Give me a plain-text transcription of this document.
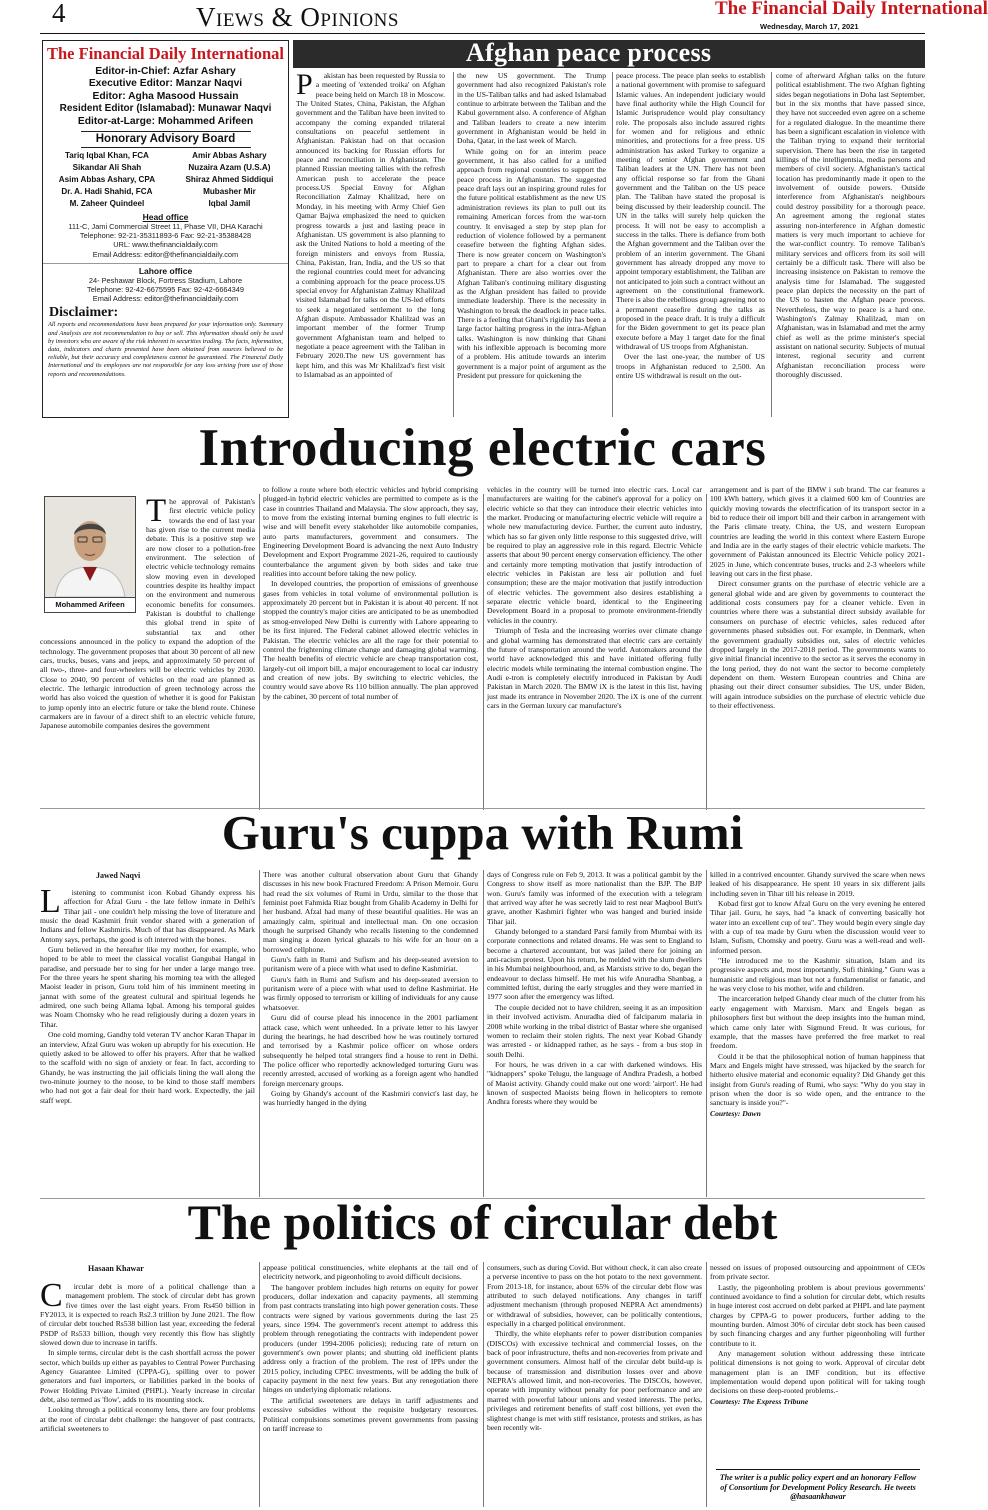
4	Views & Opinions	The Financial Daily International
Wednesday, March 17, 2021
The Financial Daily International
Editor-in-Chief: Azfar Ashary
Executive Editor: Manzar Naqvi
Editor: Agha Masood Hussain
Resident Editor (Islamabad): Munawar Naqvi
Editor-at-Large: Mohammed Arifeen
Honorary Advisory Board
Tariq Iqbal Khan, FCA	Amir Abbas Ashary
Sikandar Ali Shah	Nuzaira Azam (U.S.A)
Asim Abbas Ashary, CPA	Shiraz Ahmed Siddiqui
Dr. A. Hadi Shahid, FCA	Mubasher Mir
M. Zaheer Quindeel	Iqbal Jamil
Head office
111-C, Jami Commercial Street 11, Phase VII, DHA Karachi
Telephone: 92-21-35311893-6 Fax: 92-21-35388428
URL: www.thefinancialdaily.com
Email Address: editor@thefinancialdaily.com
Lahore office
24- Peshawar Block, Fortress Stadium, Lahore
Telephone: 92-42-6675595 Fax: 92-42-6664349
Email Address: editor@thefinancialdaily.com
Disclaimer:
All reports and recommendations have been prepared for your information only. Summary and Analysis are not recommendation to buy or sell. This information should only be used by investors who are aware of the risk inherent in securities trading. The facts, information, data, indicators and charts presented have been obtained from sources believed to be reliable, but their accuracy and completeness cannot be guaranteed. The Financial Daily International and its employees are not responsible for any loss arising from use of those reports and recommendations.
Afghan peace process
P	akistan has been requested by Russia to a meeting of 'extended troika' on Afghan peace being held on March 18 in Moscow. The United States, China, Pakistan, the Afghan government and the Taliban have been invited to accompany the coming expanded trilateral consultations on peaceful settlement in Afghanistan. Pakistan had on that occasion announced its backing for Russian efforts for peace and reconciliation in Afghanistan. The planned Russian meeting tallies with the refresh American push to accelerate the peace process.US Special Envoy for Afghan Reconciliation Zalmay Khalilzad, here on Monday, in his meeting with Army Chief Gen Qamar Bajwa emphasized the need to quicken progress towards a just and lasting peace in Afghanistan. US government is also planning to ask the United Nations to hold a meeting of the foreign ministers and envoys from Russia, China, Pakistan, Iran, India, and the US so that the regional countries could meet for advancing a combining approach for the peace process.US special envoy for Afghanistan Zalmay Khalilzad visited Islamabad for talks on the US-led efforts to seek a negotiated settlement to the long Afghan dispute. Ambassador Khalilzad was an important member of the former Trump government Afghanistan team and helped to negotiate a peace agreement with the Taliban in February 2020.The new US government has kept him, and this was Mr Khalilzad's first visit to Islamabad as an appointed of

the new US government. The Trump government had also recognized Pakistan's role in the US-Taliban talks and had asked Islamabad continue to arbitrate between the Taliban and the Kabul government also. A conference of Afghan and Taliban leaders to create a new interim government in Afghanistan would be held in Doha, Qatar, in the last week of March.

While going on for an interim peace government, it has also called for a unified approach from regional countries to support the peace process in Afghanistan. The suggested peace draft lays out an inspiring ground rules for the future political establishment as the new US administration reviews its plan to pull out its remaining American forces from the war-torn country. It envisaged a step by step plan for reduction of violence followed by a permanent ceasefire between the fighting Afghan sides. There is now greater concern on Washington's part to prepare a chart for a clear out from Afghanistan. There are also worries over the Afghan Taliban's continuing military disgusting as the Afghan president has failed to provide immediate leadership. There is the necessity in Washington to break the deadlock in peace talks. There is a feeling that Ghani's rigidity has been a large factor halting progress in the intra-Afghan talks. Washington is now thinking that Ghani with his inflexible approach is becoming more of a problem. His attitude towards an interim government is a major point of argument as the President put pressure for quickening the

peace process. The peace plan seeks to establish a national government with promise to safeguard Islamic values. An independent judiciary would have final authority while the High Council for Islamic Jurisprudence would play consultancy role. The proposals also include assured rights for women and for religious and ethnic minorities, and protections for a free press. US administration has asked Turkey to organize a meeting of senior Afghan government and Taliban leaders at the UN. There has not been any official response so far from the Ghani government and the Taliban on the US peace plan. The Taliban have stated the proposal is being discussed by their leadership council. The UN in the talks will surely help quicken the process. It will not be easy to accomplish a success in the talks. There is defiance from both the Afghan government and the Taliban over the problem of an interim government. The Ghani government has already dropped any move to appoint temporary establishment, the Taliban are not anticipated to join such a contract without an agreement on the constitutional framework. There is also the rebellious group agreeing not to a permanent ceasefire during the talks as proposed in the peace draft. It is truly a difficult for the Biden government to get its peace plan execute before a May 1 target date for the final withdrawal of US troops from Afghanistan.

Over the last one-year, the number of US troops in Afghanistan reduced to 2,500. An entire US withdrawal is result on the out-

come of afterward Afghan talks on the future political establishment. The two Afghan fighting sides began negotiations in Doha last September, but in the six months that have passed since, they have not succeeded even agree on a scheme for a regulated dialogue. In the meantime there has been a significant escalation in violence with the Taliban trying to expand their territorial supervision. There has been the rise in targeted killings of the intelligentsia, media persons and members of civil society. Afghanistan's tactical location has predominantly made it open to the involvement of outside powers. Outside interference from Afghanistan's neighbours could destroy possibility for a thorough peace. An agreement among the regional states assuring non-interference in Afghan domestic matters is very much important to achieve for the war-conflict country. To remove Taliban's military services and officers from its soil will certainly be a difficult task. There will also be increasing insistence on Pakistan to remove the analysis time for Islamabad. The suggested peace plan depicts the necessity on the part of the US to hasten the Afghan peace process. Nevertheless, the way to peace is a hard one. Washington's Zalmay Khalilzad, man on Afghanistan, was in Islamabad and met the army chief as well as the prime minister's special assistant on national security. Subjects of mutual interest, regional security and current Afghanistan reconciliation process were thoroughly discussed.

Introducing electric cars
Mohammed Arifeen
The approval of Pakistan's first electric vehicle policy towards the end of last year has given rise to the current media debate. This is a positive step we are now closer to a pollution-free environment. The selection of electric vehicle technology remains slow moving even in developed countries despite its healthy impact on the environment and numerous economic benefits for consumers. Pakistan is doubtful to challenge this global trend in spite of substantial tax and other concessions announced in the policy to expand the adoption of the technology. The government proposes that about 30 percent of all new cars, trucks, buses, vans and jeeps, and approximately 50 percent of all two-, three- and four-wheelers will be electric vehicles by 2030. Close to 2040, 90 percent of vehicles on the road are planned as electric. The lethargic introduction of green technology across the world has also voiced the question of whether it is good for Pakistan to jump openly into an electric future or take the blend route. Chinese carmakers are in favour of a direct shift to an electric vehicle future, Japanese automobile companies desires the government

to follow a route where both electric vehicles and hybrid comprising plugged-in hybrid electric vehicles are permitted to compete as is the case in countries Thailand and Malaysia. The slow approach, they say, to move from the existing internal burning engines to full electric is wise and will benefit every stakeholder like automobile companies, auto parts manufacturers, government and consumers. The Engineering Development Board is advancing the next Auto Industry Development and Export Programme 2021-26, required to cautiously counterbalance the argument given by both sides and take true realities into account before taking the new policy.

In developed countries, the proportion of emissions of greenhouse gases from vehicles in total volume of environmental pollution is approximately 20 percent but in Pakistan it is about 40 percent. If not stopped the country's major cities are anticipated to be as unembodied as smog-enveloped New Delhi is currently with Lahore appearing to be its first injured. The Federal cabinet allowed electric vehicles in Pakistan. The electric vehicles are all the rage for their potential to control the frightening climate change and damaging global warming. The health benefits of electric vehicle are cheap transportation cost, largely-cut oil import bill, a major encouragement to local car industry and creation of new jobs. By switching to electric vehicles, the country would save above Rs 110 billion annually. The plan approved by the cabinet, 30 percent of total number of

vehicles in the country will be turned into electric cars. Local car manufacturers are waiting for the cabinet's approval for a policy on electric vehicle so that they can introduce their electric vehicles into the market. Producing or manufacturing electric vehicle will require a whole new manufacturing device. Further, the current auto industry, which has so far given only little response to this suggested drive, will be required to play an aggressive role in this regard. Electric Vehicle asserts that about 90 percent energy conservation efficiency. The other and certainly more tempting motivation that justify introduction of electric vehicles in Pakistan are less air pollution and fuel consumption; these are the major motivation that justify introduction of electric vehicles. The government also desires establishing a separate electric vehicle board, identical to the Engineering Development Board in a proposal to promote environment-friendly vehicles in the country.

Triumph of Tesla and the increasing worries over climate change and global warming has demonstrated that electric cars are certainly the future of transportation around the world. Automakers around the world have acknowledged this and have initiated offering fully electric models while terminating the internal combustion engine. The Audi e-tron is completely electrify introduced in Pakistan by Audi Pakistan in March 2020. The BMW iX is the latest in this list, having just made its entrance in November 2020. The iX is one of the current cars in the German luxury car manufacture's

arrangement and is part of the BMW i sub brand. The car features a 100 kWh battery, which gives it a claimed 600 km of Countries are quickly moving towards the electrification of its transport sector in a bid to reduce their oil import bill and their carbon in arrangement with the Paris climate treaty. China, the US, and western European countries are leading the world in this context where Eastern Europe and India are in the early stages of their electric vehicle markets. The government of Pakistan announced its Electric Vehicle policy 2021-2025 in June, which concentrate buses, trucks and 2-3 wheelers while leaving out cars in the first phase.

Direct consumer grants on the purchase of electric vehicle are a general global wide and are given by governments to counteract the additional costs consumers pay for a cleaner vehicle. Even in countries where there was a substantial direct subsidy available for consumers on purchase of electric vehicles, sales reduced after governments phased subsidies out. For example, in Denmark, when the government gradually subsidies out, sales of electric vehicles dropped largely in the 2017-2018 period. The governments wants to give initial financial incentive to the sector as it serves the economy in the long period, they do not want the sector to become completely dependent on them. Western European countries and China are phasing out their direct consumer subsidies. The US, under Biden, will again introduce subsidies on the purchase of electric vehicle due to their effectiveness.

Guru's cuppa with Rumi
Jawed Naqvi
L	istening to communist icon Kobad Ghandy express his affection for Afzal Guru - the late fellow inmate in Delhi's Tihar jail - one couldn't help missing the love of literature and music the dead Kashmiri fruit vendor shared with a generation of Indians and fellow Kashmiris. Much of that has disappeared. As Mark Antony says, perhaps, the good is oft interred with the bones.

Guru believed in the hereafter like my mother, for example, who hoped to be able to meet the classical vocalist Gangubai Hangal in paradise, and persuade her to sing for her under a large mango tree. For the three years he spent sharing his morning tea with the alleged Maoist leader in prison, Guru told him of his imminent meeting in jannat with some of the greatest cultural and spiritual legends he admired, one such being Allama Iqbal. Among his temporal guides was Noam Chomsky who he read religiously during a dozen years in Tihar.

One cold morning, Gandhy told veteran TV anchor Karan Thapar in an interview, Afzal Guru was woken up abruptly for his execution. He quietly asked to be allowed to offer his prayers. After that he walked to the scaffold with no sign of anxiety or fear. In fact, according to Ghandy, he was instructing the jail officials lining the wall along the two-minute journey to the noose, to be kind to those staff members who had not got a fair deal for their hard work. Expectedly, the jail staff wept.

There was another cultural observation about Guru that Ghandy discusses in his new book Fractured Freedom: A Prison Memoir. Guru had read the six volumes of Rumi in Urdu, similar to the those that feminist poet Fahmida Riaz bought from Ghalib Academy in Delhi for her husband. Afzal had many of these beautiful qualities. He was an amazingly calm, spiritual and intellectual man. On one occasion though he surprised Ghandy who recalls listening to the condemned man singing a dozen lyrical ghazals to his wife for an hour on a borrowed cellphone.

Guru's faith in Rumi and Sufism and his deep-seated aversion to puritanism were of a piece with what used to define Kashmiriat.

Guru's faith in Rumi and Sufism and his deep-seated aversion to puritanism were of a piece with what used to define Kashmiriat. He was firmly opposed to terrorism or killing of individuals for any cause whatsoever.

Guru did of course plead his innocence in the 2001 parliament attack case, which went unheeded. In a private letter to his lawyer during the hearings, he had described how he was routinely tortured and terrorised by a Kashmir police officer on whose orders subsequently he helped total strangers find a house to rent in Delhi. The police officer who reportedly acknowledged torturing Guru was recently arrested, accused of working as a foreign agent who handled foreign mercenary groups.

Going by Ghandy's account of the Kashmiri convict's last day, he was hurriedly hanged in the dying

days of Congress rule on Feb 9, 2013. It was a political gambit by the Congress to show itself as more nationalist than the BJP. The BJP won. Guru's family was informed of the execution with a telegram that arrived way after he was secretly laid to rest near Maqbool Butt's grave, another Kashmiri fighter who was hanged and buried inside Tihar jail.

Ghandy belonged to a standard Parsi family from Mumbai with its corporate connections and related dreams. He was sent to England to become a chartered accountant, but was jailed there for joining an anti-racism protest. Upon his return, he melded with the slum dwellers in his Mumbai neighbourhood, and, as Marxists strive to do, began the endeavour to declass himself. He met his wife Anuradha Shanbag, a committed leftist, during the early struggles and they were married in 1977 soon after the emergency was lifted.

The couple decided not to have children, seeing it as an imposition in their involved activism. Anuradha died of falciparum malaria in 2008 while working in the tribal district of Bastar where she organised women to reclaim their stolen rights. The next year Kobad Ghandy was arrested - or kidnapped rather, as he says - from a bus stop in south Delhi.

For hours, he was driven in a car with darkened windows. His "kidnappers" spoke Telugu, the language of Andhra Pradesh, a hotbed of Maoist activity. Ghandy could make out one word: 'airport'. He had known of suspected Maoists being flown in helicopters to remote Andhra forests where they would be

killed in a contrived encounter. Ghandy survived the scare when news leaked of his disappearance. He spent 10 years in six different jails including seven in Tihar till his release in 2019.

Kobad first got to know Afzal Guru on the very evening he entered Tihar jail. Guru, he says, had "a knack of converting basically hot water into an excellent cup of tea". They would begin every single day with a cup of tea made by Guru when the discussion would veer to Islam, Sufism, Chomsky and poetry. Guru was a well-read and well-informed person.

"He introduced me to the Kashmir situation, Islam and its progressive aspects and, most importantly, Sufi thinking." Guru was a humanistic and religious man but not a fundamentalist or fanatic, and he was very close to his mother, wife and children.

The incarceration helped Ghandy clear much of the clutter from his early engagement with Marxism. Marx and Engels began as philosophers first but without the deep insights into the human mind, which came only later with Sigmund Freud. It was curious, for example, that the masses have preferred the free market to real freedom.

Could it be that the philosophical notion of human happiness that Marx and Engels might have stressed, was hijacked by the search for hitherto elusive material and economic equality? Did Ghandy get this insight from Guru's reading of Rumi, who says: "Why do you stay in prison when the door is so wide open, and the entrance to the sanctuary is inside you?"-

Courtesy: Dawn

The politics of circular debt
Hasaan Khawar
C	ircular debt is more of a political challenge than a management problem. The stock of circular debt has grown five times over the last eight years. From Rs450 billion in FY2013, it is expected to reach Rs2.3 trillion by June 2021. The flow of circular debt touched Rs538 billion last year, exceeding the federal PSDP of Rs533 billion, though very recently this flow has slightly slowed down due to increase in tariffs.

In simple terms, circular debt is the cash shortfall across the power sector, which builds up either as payables to Central Power Purchasing Agency Guarantee Limited (CPPA-G), spilling over to power generators and fuel importers, or liabilities parked in the books of Power Holding Private Limited (PHPL). Yearly increase in circular debt, also termed as 'flow', adds to its mounting stock.

Looking through a political economy lens, there are four problems at the root of circular debt challenge: the hangover of past contracts, artificial sweeteners to

appease political constituencies, white elephants at the tail end of electricity network, and pigeonholing to avoid difficult decisions.

The hangover problem includes high returns on equity for power producers, dollar indexation and capacity payments, all stemming from past contracts translating into high power generation costs. These contracts were signed by various governments during the last 25 years, since 1994. The government's recent attempt to address this problem through renegotiating the contracts with independent power producers (under 1994-2006 policies); reducing rate of return on government's own power plants; and shutting old inefficient plants address only a fraction of the problem. The rest of IPPs under the 2015 policy, including CPEC investments, will be adding the bulk of capacity payment in the next few years. But any renegotiation there hinges on underlying diplomatic relations.

The artificial sweeteners are delays in tariff adjustments and excessive subsidies without the requisite budgetary resources. Political compulsions sometimes prevent governments from passing on tariff increase to

consumers, such as during Covid. But without check, it can also create a perverse incentive to pass on the hot potato to the next government. From 2013-18, for instance, about 65% of the circular debt flow was attributed to such delayed notifications. Any changes in tariff adjustment mechanism (through proposed NEPRA Act amendments) or withdrawal of subsidies, however, can be politically contentious, especially in a charged political environment.

Thirdly, the white elephants refer to power distribution companies (DISCOs) with excessive technical and commercial losses, on the back of poor infrastructure, thefts and non-recoveries from private and government consumers. Almost half of the circular debt build-up is because of transmission and distribution losses over and above NEPRA's allowed limit, and non-recoveries. The DISCOs, however, operate with impunity without penalty for poor performance and are marred with powerful labour unions and vested interests. The perks, privileges and retirement benefits of staff cost billions, yet even the slightest change is met with stiff resistance, protests and strikes, as has been recently wit-

nessed on issues of proposed outsourcing and appointment of CEOs from private sector.

Lastly, the pigeonholing problem is about previous governments' continued avoidance to find a solution for circular debt, which results in huge interest cost accrued on debt parked at PHPL and late payment charges by CPPA-G to power producers, further adding to the mounting burden. Almost 30% of circular debt stock has been caused by such financing charges and any further pigeonholing will further contribute to it.

Any management solution without addressing these intricate political dimensions is not going to work. Approval of circular debt management plan is an IMF condition, but its effective implementation would depend upon political will for taking tough decisions on these deep-rooted problems.-

Courtesy: The Express Tribune

The writer is a public policy expert and an honorary Fellow of Consortium for Development Policy Research. He tweets @hasaankhawar
